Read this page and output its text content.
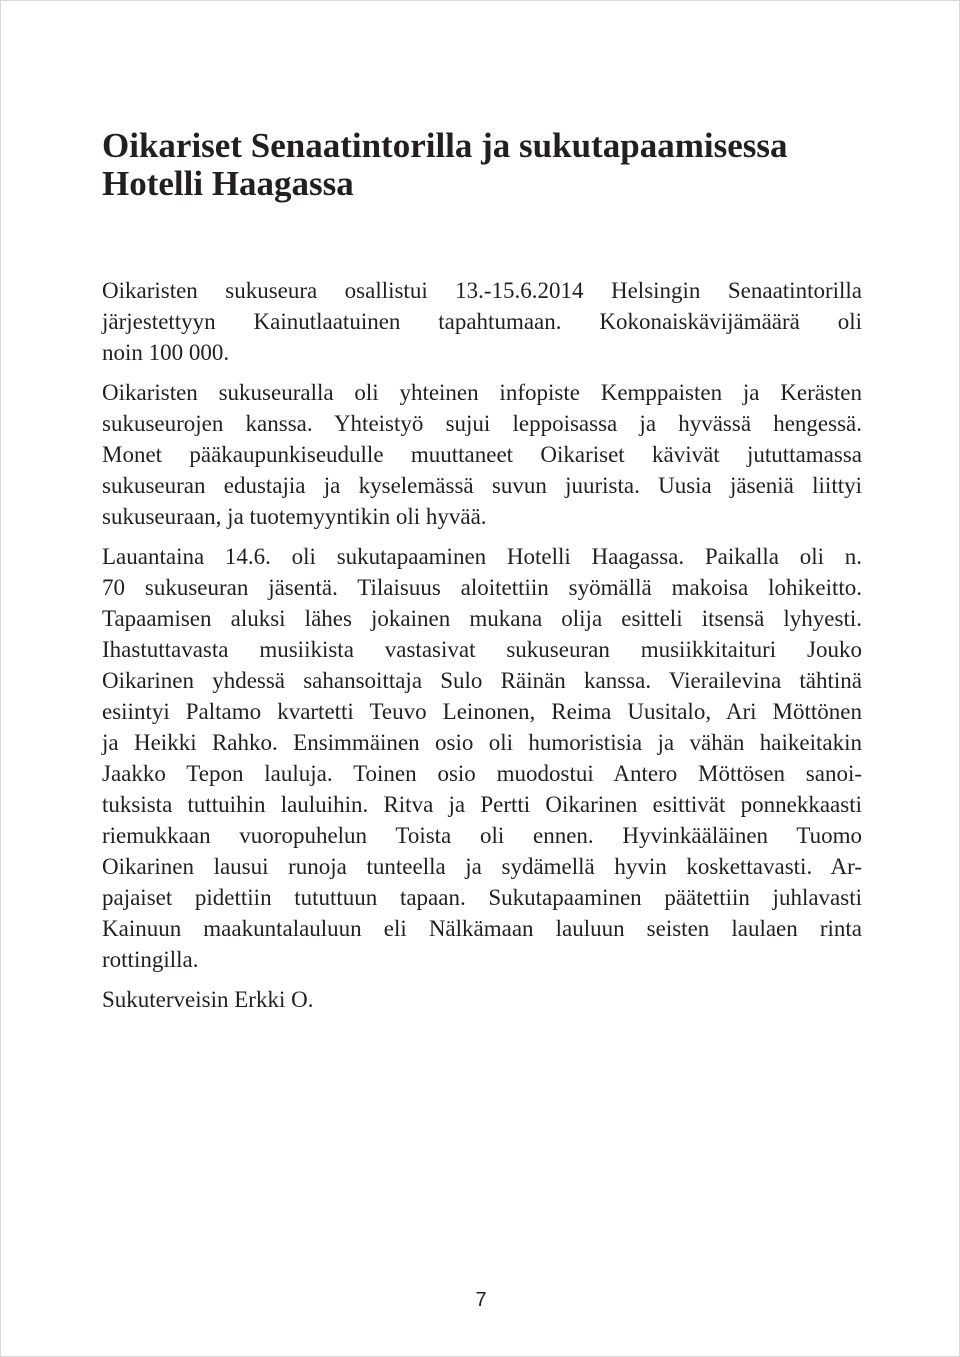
Oikariset Senaatintorilla ja sukutapaamisessa
Hotelli Haagassa

Oikaristen sukuseura osallistui 13.-15.6.2014 Helsingin Senaatintorilla
järjestettyyn Kainutlaatuinen tapahtumaan. Kokonaiskävijämäärä oli
noin 100 000.

Oikaristen sukuseuralla oli yhteinen infopiste Kemppaisten ja Kerästen
sukuseurojen kanssa. Yhteistyö sujui leppoisassa ja hyvässä hengessä.
Monet pääkaupunkiseudulle muuttaneet Oikariset kävivät jututtamassa
sukuseuran edustajia ja kyselemässä suvun juurista. Uusia jäseniä liittyi
sukuseuraan, ja tuotemyyntikin oli hyvää.

Lauantaina 14.6. oli sukutapaaminen Hotelli Haagassa. Paikalla oli n.
70 sukuseuran jäsentä. Tilaisuus aloitettiin syömällä makoisa lohikeitto.
Tapaamisen aluksi lähes jokainen mukana olija esitteli itsensä lyhyesti.
Ihastuttavasta musiikista vastasivat sukuseuran musiikkitaituri Jouko
Oikarinen yhdessä sahansoittaja Sulo Räinän kanssa. Vierailevina tähtinä
esiintyi Paltamo kvartetti Teuvo Leinonen, Reima Uusitalo, Ari Möttönen
ja Heikki Rahko. Ensimmäinen osio oli humoristisia ja vähän haikeitakin
Jaakko Tepon lauluja. Toinen osio muodostui Antero Möttösen sanoi-
tuksista tuttuihin lauluihin. Ritva ja Pertti Oikarinen esittivät ponnekkaasti
riemukkaan vuoropuhelun Toista oli ennen. Hyvinkääläinen Tuomo
Oikarinen lausui runoja tunteella ja sydämellä hyvin koskettavasti. Ar-
pajaiset pidettiin tututtuun tapaan. Sukutapaaminen päätettiin juhlavasti
Kainuun maakuntalauluun eli Nälkämaan lauluun seisten laulaen rinta
rottingilla.

Sukuterveisin Erkki O.

7
